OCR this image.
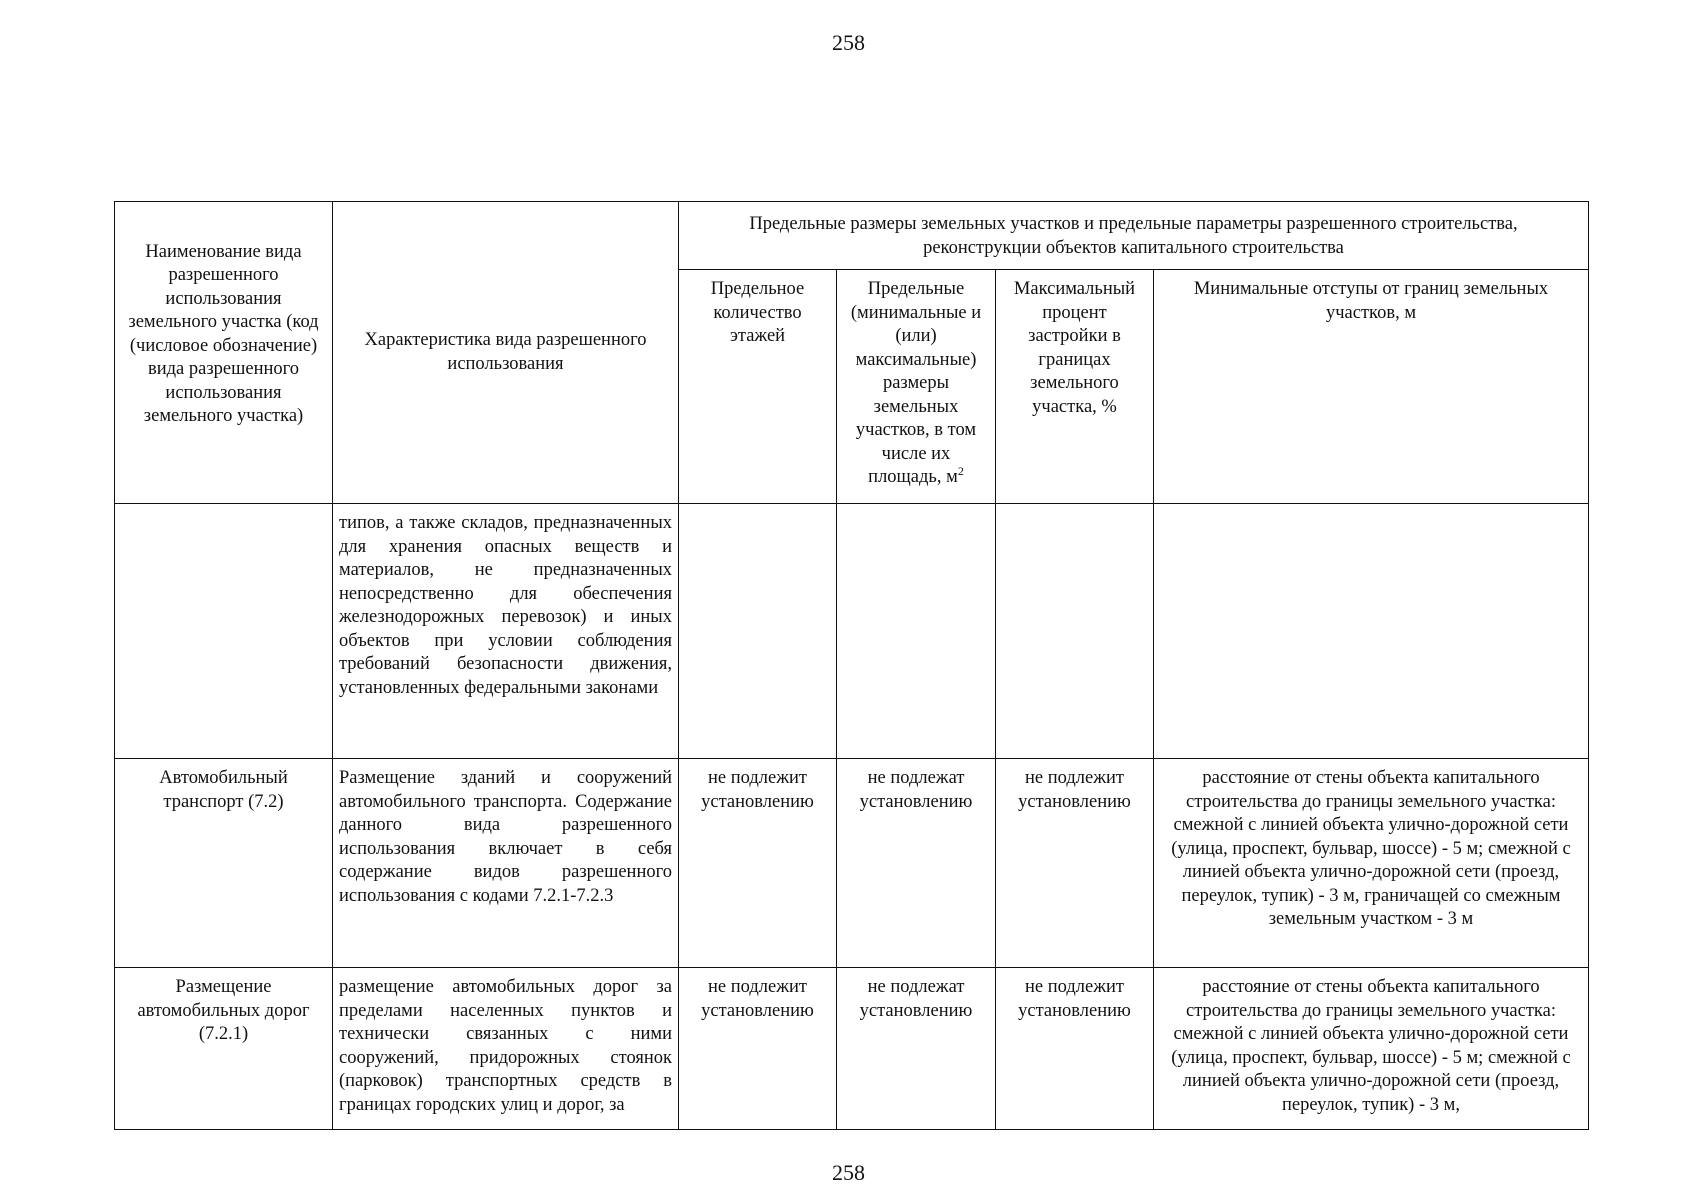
258
Наименование вида разрешенного использования земельного участка (код (числовое обозначение) вида разрешенного использования земельного участка)	Характеристика вида разрешенного использования	Предельные размеры земельных участков и предельные параметры разрешенного строительства, реконструкции объектов капитального строительства			
		Предельное количество этажей	Предельные (минимальные и (или) максимальные) размеры земельных участков, в том числе их площадь, $м^2$	Максимальный процент застройки в границах земельного участка, %	Минимальные отступы от границ земельных участков, м
	типов, а также складов, предназначенных для хранения опасных веществ и материалов, не предназначенных непосредственно для обеспечения железнодорожных перевозок) и иных объектов при условии соблюдения требований безопасности движения, установленных федеральными законами				
Автомобильный транспорт (7.2)	Размещение зданий и сооружений автомобильного транспорта. Содержание данного вида разрешенного использования включает в себя содержание видов разрешенного использования с кодами 7.2.1-7.2.3	не подлежит установлению	не подлежат установлению	не подлежит установлению	расстояние от стены объекта капитального строительства до границы земельного участка: смежной с линией объекта улично-дорожной сети (улица, проспект, бульвар, шоссе) - 5 м; смежной с линией объекта улично-дорожной сети (проезд, переулок, тупик) - 3 м, граничащей со смежным земельным участком - 3 м
Размещение автомобильных дорог (7.2.1)	размещение автомобильных дорог за пределами населенных пунктов и технически связанных с ними сооружений, придорожных стоянок (парковок) транспортных средств в границах городских улиц и дорог, за	не подлежит установлению	не подлежат установлению	не подлежит установлению	расстояние от стены объекта капитального строительства до границы земельного участка: смежной с линией объекта улично-дорожной сети (улица, проспект, бульвар, шоссе) - 5 м; смежной с линией объекта улично-дорожной сети (проезд, переулок, тупик) - 3 м,
258
